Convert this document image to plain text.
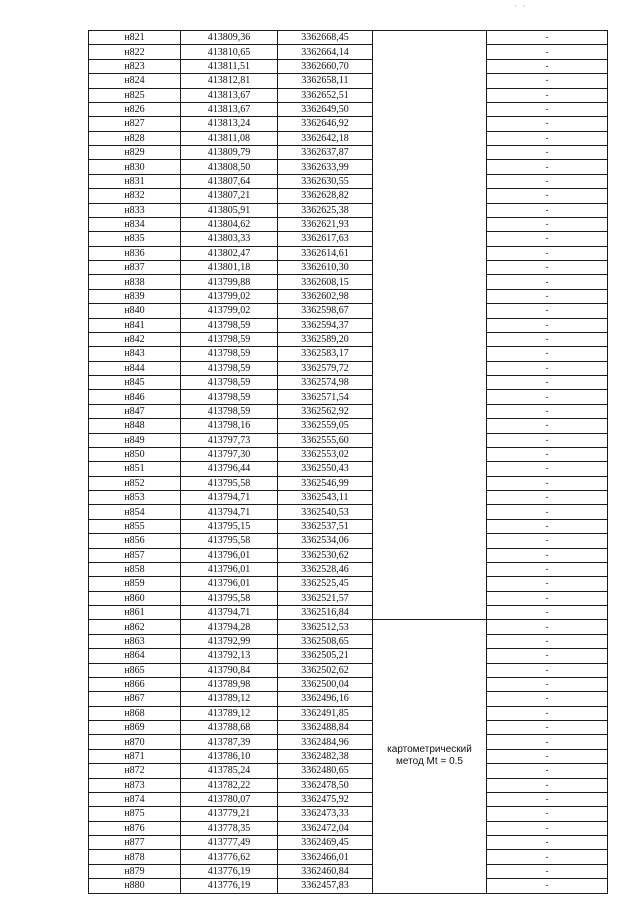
· ·
н821	413809,36	3362668,45		-
н822	413810,65	3362664,14		-
н823	413811,51	3362660,70		-
н824	413812,81	3362658,11		-
н825	413813,67	3362652,51		-
н826	413813,67	3362649,50		-
н827	413813,24	3362646,92		-
н828	413811,08	3362642,18		-
н829	413809,79	3362637,87		-
н830	413808,50	3362633,99		-
н831	413807,64	3362630,55		-
н832	413807,21	3362628,82		-
н833	413805,91	3362625,38		-
н834	413804,62	3362621,93		-
н835	413803,33	3362617,63		-
н836	413802,47	3362614,61		-
н837	413801,18	3362610,30		-
н838	413799,88	3362608,15		-
н839	413799,02	3362602,98		-
н840	413799,02	3362598,67		-
н841	413798,59	3362594,37		-
н842	413798,59	3362589,20		-
н843	413798,59	3362583,17		-
н844	413798,59	3362579,72		-
н845	413798,59	3362574,98		-
н846	413798,59	3362571,54		-
н847	413798,59	3362562,92		-
н848	413798,16	3362559,05		-
н849	413797,73	3362555,60		-
н850	413797,30	3362553,02		-
н851	413796,44	3362550,43		-
н852	413795,58	3362546,99		-
н853	413794,71	3362543,11		-
н854	413794,71	3362540,53		-
н855	413795,15	3362537,51		-
н856	413795,58	3362534,06		-
н857	413796,01	3362530,62		-
н858	413796,01	3362528,46		-
н859	413796,01	3362525,45		-
н860	413795,58	3362521,57		-
н861	413794,71	3362516,84		-
н862	413794,28	3362512,53	картометрический метод Mt = 0.5	-
н863	413792,99	3362508,65		-
н864	413792,13	3362505,21		-
н865	413790,84	3362502,62		-
н866	413789,98	3362500,04		-
н867	413789,12	3362496,16		-
н868	413789,12	3362491,85		-
н869	413788,68	3362488,84		-
н870	413787,39	3362484,96		-
н871	413786,10	3362482,38		-
н872	413785,24	3362480,65		-
н873	413782,22	3362478,50		-
н874	413780,07	3362475,92		-
н875	413779,21	3362473,33		-
н876	413778,35	3362472,04		-
н877	413777,49	3362469,45		-
н878	413776,62	3362466,01		-
н879	413776,19	3362460,84		-
н880	413776,19	3362457,83		-
